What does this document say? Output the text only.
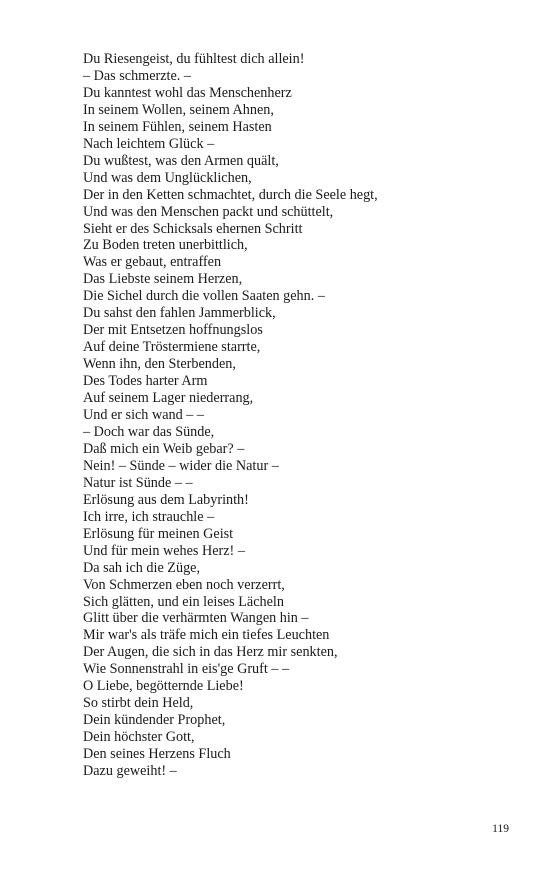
Du Riesengeist, du fühltest dich allein!
– Das schmerzte. –
Du kanntest wohl das Menschenherz
In seinem Wollen, seinem Ahnen,
In seinem Fühlen, seinem Hasten
Nach leichtem Glück –
Du wußtest, was den Armen quält,
Und was dem Unglücklichen,
Der in den Ketten schmachtet, durch die Seele hegt,
Und was den Menschen packt und schüttelt,
Sieht er des Schicksals ehernen Schritt
Zu Boden treten unerbittlich,
Was er gebaut, entraffen
Das Liebste seinem Herzen,
Die Sichel durch die vollen Saaten gehn. –
Du sahst den fahlen Jammerblick,
Der mit Entsetzen hoffnungslos
Auf deine Tröstermiene starrte,
Wenn ihn, den Sterbenden,
Des Todes harter Arm
Auf seinem Lager niederrang,
Und er sich wand – –
– Doch war das Sünde,
Daß mich ein Weib gebar? –
Nein! – Sünde – wider die Natur –
Natur ist Sünde – –
Erlösung aus dem Labyrinth!
Ich irre, ich strauchle –
Erlösung für meinen Geist
Und für mein wehes Herz! –
Da sah ich die Züge,
Von Schmerzen eben noch verzerrt,
Sich glätten, und ein leises Lächeln
Glitt über die verhärmten Wangen hin –
Mir war's als träfe mich ein tiefes Leuchten
Der Augen, die sich in das Herz mir senkten,
Wie Sonnenstrahl in eis'ge Gruft – –
O Liebe, begötternde Liebe!
So stirbt dein Held,
Dein kündender Prophet,
Dein höchster Gott,
Den seines Herzens Fluch
Dazu geweiht! –
119
